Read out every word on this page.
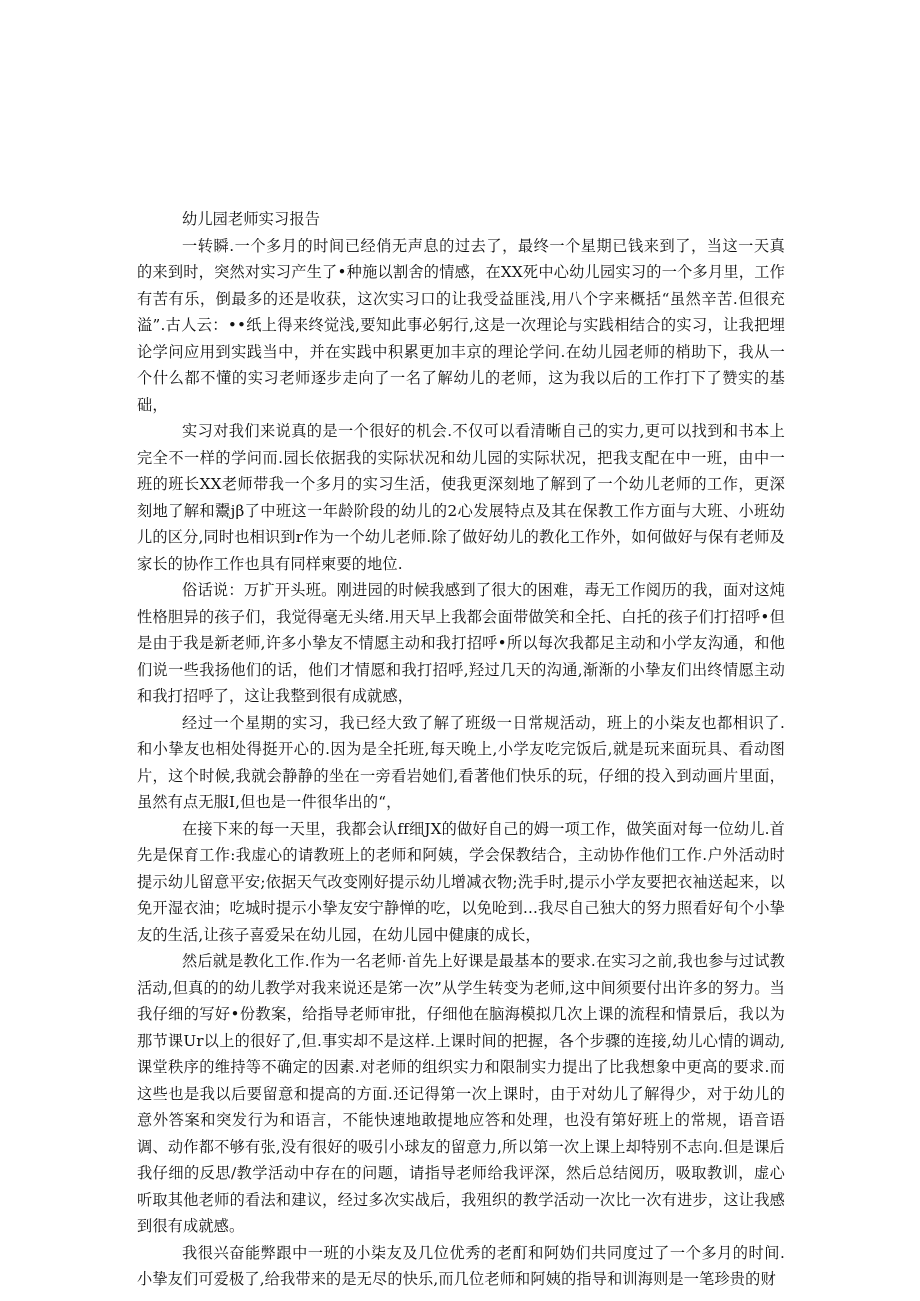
幼儿园老师实习报告

一转瞬.一个多月的时间已经俏无声息的过去了，最终一个星期已钱来到了，当这一天真的来到时，突然对实习产生了•种施以割舍的情感，在XX死中心幼儿园实习的一个多月里，工作有苦有乐，倒最多的还是收获，这次实习口的让我受益匪浅,用八个字来概括“虽然辛苦.但很充溢”.古人云：••纸上得来终觉浅,要知此事必躬行,这是一次理论与实践相结合的实习，让我把埋论学问应用到实践当中，并在实践中积累更加丰京的理论学问.在幼儿园老师的梢助下，我从一个什么都不懂的实习老师逐步走向了一名了解幼儿的老师，这为我以后的工作打下了赞实的基础，

实习对我们来说真的是一个很好的机会.不仅可以看清晰自己的实力,更可以找到和书本上完全不一样的学问而.园长依据我的实际状况和幼儿园的实际状况，把我支配在中一班，由中一班的班长XX老师带我一个多月的实习生活，使我更深刻地了解到了一个幼儿老师的工作，更深刻地了解和鬻jβ了中班这一年龄阶段的幼儿的2心发展特点及其在保教工作方面与大班、小班幼儿的区分,同时也相识到r作为一个幼儿老师.除了做好幼儿的教化工作外，如何做好与保有老师及家长的协作工作也具有同样柬要的地位.

俗话说：万扩开头班。刚进园的时候我感到了很大的困难，毒无工作阅历的我，面对这炖性格胆异的孩子们，我觉得毫无头绪.用天早上我都会面带做笑和全托、白托的孩子们打招呼•但是由于我是新老师,许多小挚友不情愿主动和我打招呼•所以每次我都足主动和小学友沟通，和他们说一些我扬他们的话，他们才情愿和我打招呼,羟过几天的沟通,渐渐的小挚友们出终情愿主动和我打招呼了，这让我整到很有成就感，

经过一个星期的实习，我已经大致了解了班级一日常规活动，班上的小柒友也都相识了.和小挚友也相处得挺开心的.因为是全托班,每天晚上,小学友吃完饭后,就是玩来面玩具、看动图片，这个时候,我就会静静的坐在一旁看岩她们,看著他们快乐的玩，仔细的投入到动画片里面，虽然有点无服I,但也是一件很华出的“，

在接下来的每一天里，我都会认ff细JX的做好自己的姆一项工作，做笑面对每一位幼儿.首先是保育工作:我虚心的请教班上的老师和阿姨，学会保教结合，主动协作他们工作.户外活动时提示幼儿留意平安;依据天气改变刚好提示幼儿增减衣物;洗手时,提示小学友要把衣袖送起来，以免开湿衣油；吃城时提示小挚友安宁静惮的吃，以免呛到...我尽自己独大的努力照看好旬个小挚友的生活,让孩子喜爱呆在幼儿园，在幼儿园中健康的成长，

然后就是教化工作.作为一名老师·首先上好课是最基本的要求.在实习之前,我也参与过试教活动,但真的的幼儿教学对我来说还是笫一次”从学生转变为老师,这中间须要付出许多的努力。当我仔细的写好•份教案，给指导老师审批，仔细他在脑海模拟几次上课的流程和情景后，我以为那节课Ur以上的很好了,但.事实却不是这样.上课时间的把握，各个步骤的连接,幼儿心情的调动,课堂秩序的维持等不确定的因素.对老师的组织实力和限制实力提出了比我想象中更高的要求.而这些也是我以后要留意和提高的方面.还记得第一次上课时，由于对幼儿了解得少，对于幼儿的意外答案和突发行为和语言，不能快速地敢提地应答和处理，也没有第好班上的常规，语音语调、动作都不够有张,没有很好的吸引小球友的留意力,所以第一次上课上却特别不志向.但是课后我仔细的反思/教学活动中存在的问题，请指导老师给我评深，然后总结阅历，吸取教训，虚心听取其他老师的看法和建议，经过多次实战后，我殂织的教学活动一次比一次有进步，这让我感到很有成就感。

我很兴奋能弊跟中一班的小柒友及几位优秀的老酊和阿妫们共同度过了一个多月的时间.小挚友们可爱极了,给我带来的是无尽的快乐,而几位老师和阿姨的指导和训海则是一笔珍贵的财
